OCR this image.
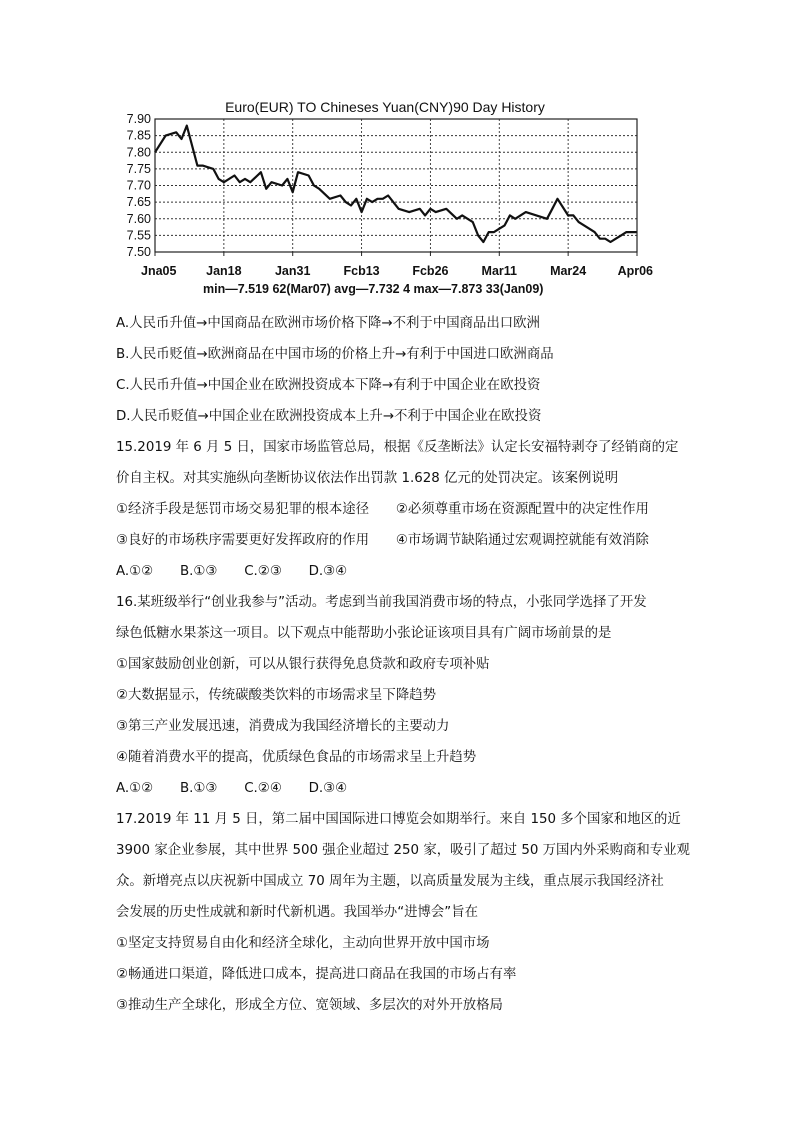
Euro(EUR) TO Chineses Yuan(CNY)90 Day History
7.90
7.85
7.80
7.75
7.70
7.65
7.60
7.55
7.50
Jna05 Jan18	Jan31	Fcb13	Fcb26	Mar11	Mar24	Apr06
min—7.519 62(Mar07) avg—7.732 4 max—7.873 33(Jan09)
A.人民币升值→中国商品在欧洲市场价格下降→不利于中国商品出口欧洲
B.人民币贬值→欧洲商品在中国市场的价格上升→有利于中国进口欧洲商品
C.人民币升值→中国企业在欧洲投资成本下降→有利于中国企业在欧投资
D.人民币贬值→中国企业在欧洲投资成本上升→不利于中国企业在欧投资
15.2019 年 6 月 5 日，国家市场监管总局，根据《反垄断法》认定长安福特剥夺了经销商的定
价自主权。对其实施纵向垄断协议依法作出罚款 1.628 亿元的处罚决定。该案例说明
①经济手段是惩罚市场交易犯罪的根本途径　　②必须尊重市场在资源配置中的决定性作用
③良好的市场秩序需要更好发挥政府的作用　　④市场调节缺陷通过宏观调控就能有效消除
A.①②　　B.①③　　C.②③　　D.③④
16.某班级举行“创业我参与”活动。考虑到当前我国消费市场的特点，小张同学选择了开发
绿色低糖水果茶这一项目。以下观点中能帮助小张论证该项目具有广阔市场前景的是
①国家鼓励创业创新，可以从银行获得免息贷款和政府专项补贴
②大数据显示，传统碳酸类饮料的市场需求呈下降趋势
③第三产业发展迅速，消费成为我国经济增长的主要动力
④随着消费水平的提高，优质绿色食品的市场需求呈上升趋势
A.①②　　B.①③　　C.②④　　D.③④
17.2019 年 11 月 5 日，第二届中国国际进口博览会如期举行。来自 150 多个国家和地区的近
3900 家企业参展，其中世界 500 强企业超过 250 家，吸引了超过 50 万国内外采购商和专业观
众。新增亮点以庆祝新中国成立 70 周年为主题，以高质量发展为主线，重点展示我国经济社
会发展的历史性成就和新时代新机遇。我国举办“进博会”旨在
①坚定支持贸易自由化和经济全球化，主动向世界开放中国市场
②畅通进口渠道，降低进口成本，提高进口商品在我国的市场占有率
③推动生产全球化，形成全方位、宽领域、多层次的对外开放格局
